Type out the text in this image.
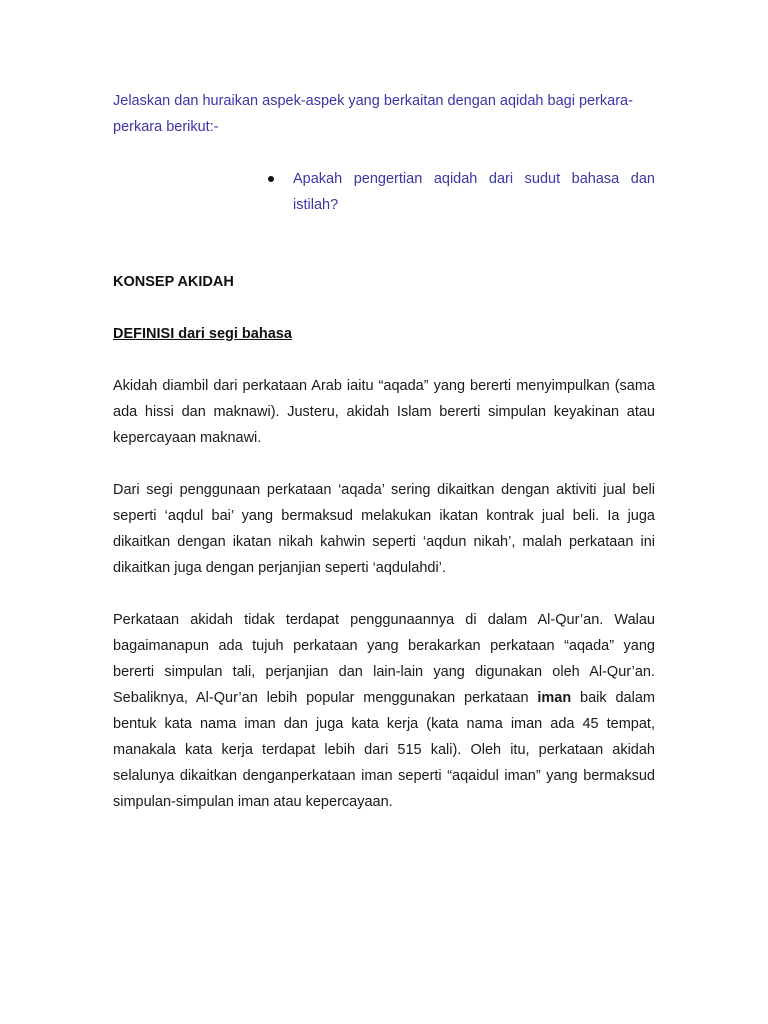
Jelaskan dan huraikan aspek-aspek yang berkaitan dengan aqidah bagi perkara-perkara berikut:-

Apakah pengertian aqidah dari sudut bahasa dan istilah?

KONSEP AKIDAH

DEFINISI dari segi bahasa

Akidah diambil dari perkataan Arab iaitu “aqada” yang bererti menyimpulkan (sama ada hissi dan maknawi). Justeru, akidah Islam bererti simpulan keyakinan atau kepercayaan maknawi.

Dari segi penggunaan perkataan ‘aqada’ sering dikaitkan dengan aktiviti jual beli seperti ‘aqdul bai’ yang bermaksud melakukan ikatan kontrak jual beli. Ia juga dikaitkan dengan ikatan nikah kahwin seperti ‘aqdun nikah’, malah perkataan ini dikaitkan juga dengan perjanjian seperti ‘aqdulahdi’.

Perkataan akidah tidak terdapat penggunaannya di dalam Al-Qur’an. Walau bagaimanapun ada tujuh perkataan yang berakarkan perkataan “aqada” yang bererti simpulan tali, perjanjian dan lain-lain yang digunakan oleh Al-Qur’an. Sebaliknya, Al-Qur’an lebih popular menggunakan perkataan iman baik dalam bentuk kata nama iman dan juga kata kerja (kata nama iman ada 45 tempat, manakala kata kerja terdapat lebih dari 515 kali). Oleh itu, perkataan akidah selalunya dikaitkan denganperkataan iman seperti “aqaidul iman” yang bermaksud simpulan-simpulan iman atau kepercayaan.
